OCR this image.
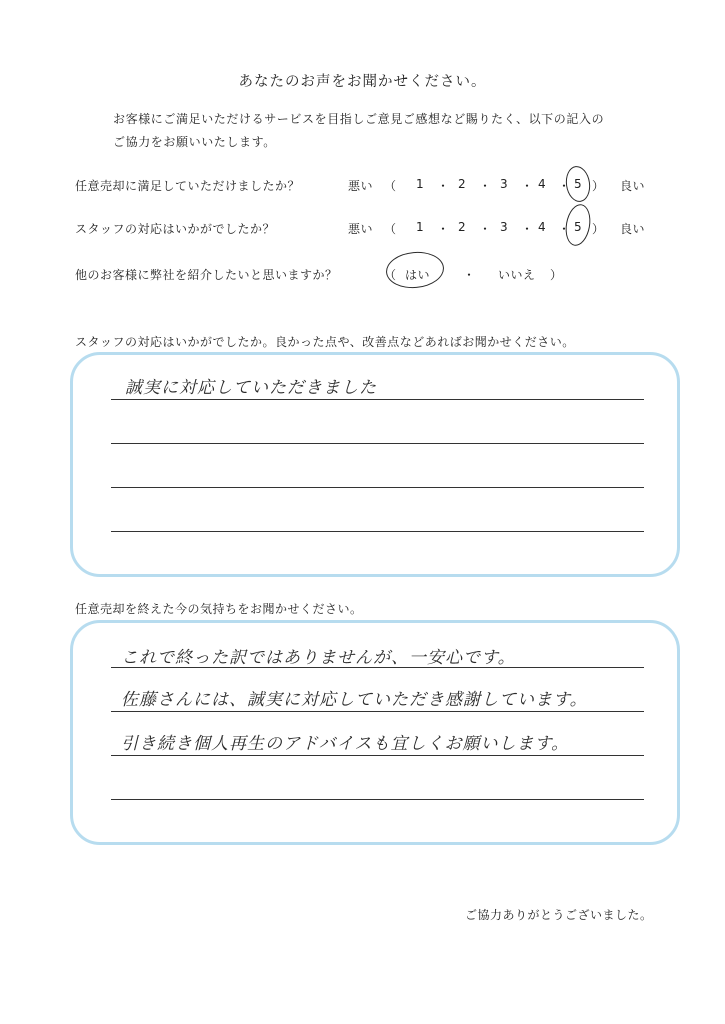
あなたのお声をお聞かせください。
お客様にご満足いただけるサービスを目指しご意見ご感想など賜りたく、以下の記入の
ご協力をお願いいたします。
任意売却に満足していただけましたか？	悪い （ 1 ・ 2 ・ 3 ・ 4 ・ 5 ） 良い
スタッフの対応はいかがでしたか？	悪い （ 1 ・ 2 ・ 3 ・ 4 ・ 5 ） 良い
他のお客様に弊社を紹介したいと思いますか？	（ はい	・ いいえ ）
スタッフの対応はいかがでしたか。良かった点や、改善点などあればお聞かせください。
誠実に対応していただきました
任意売却を終えた今の気持ちをお聞かせください。
これで終った訳ではありませんが、一安心です。
佐藤さんには、誠実に対応していただき感謝しています。
引き続き個人再生のアドバイスも宜しくお願いします。
ご協力ありがとうございました。
